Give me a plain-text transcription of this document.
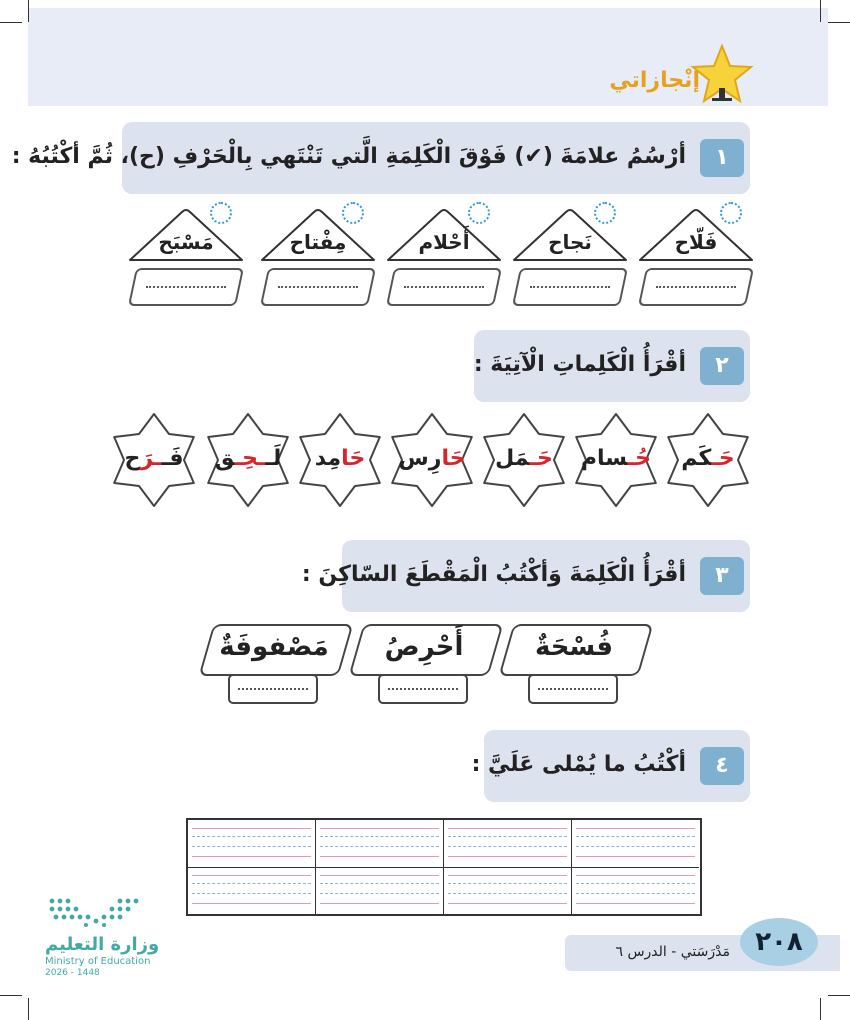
إنْجازاتي
١
أرْسُمُ علامَةَ (✔) فَوْقَ الْكَلِمَةِ الَّتي تَنْتَهي بِالْحَرْفِ (ح)، ثُمَّ أكْتُبُهُ :
فَلّاح
نَجاح
أَحْلام
مِفْتاح
مَسْبَح
٢
أقْرَأُ الْكَلِماتِ الْآتِيَةَ :
حَـكَم
حُـسام
حَـمَل
حَارِس
حَامِد
لَــحِـق
فَــرَح
٣
أقْرَأُ الْكَلِمَةَ وَأكْتُبُ الْمَقْطَعَ السّاكِنَ :
فُسْحَةٌ
أَحْرِصُ
مَصْفوفَةٌ
٤
أكْتُبُ ما يُمْلى عَلَيَّ :
٢٠٨
مَدْرَسَتي - الدرس ٦
وزارة التعليم
Ministry of Education
2026 - 1448
